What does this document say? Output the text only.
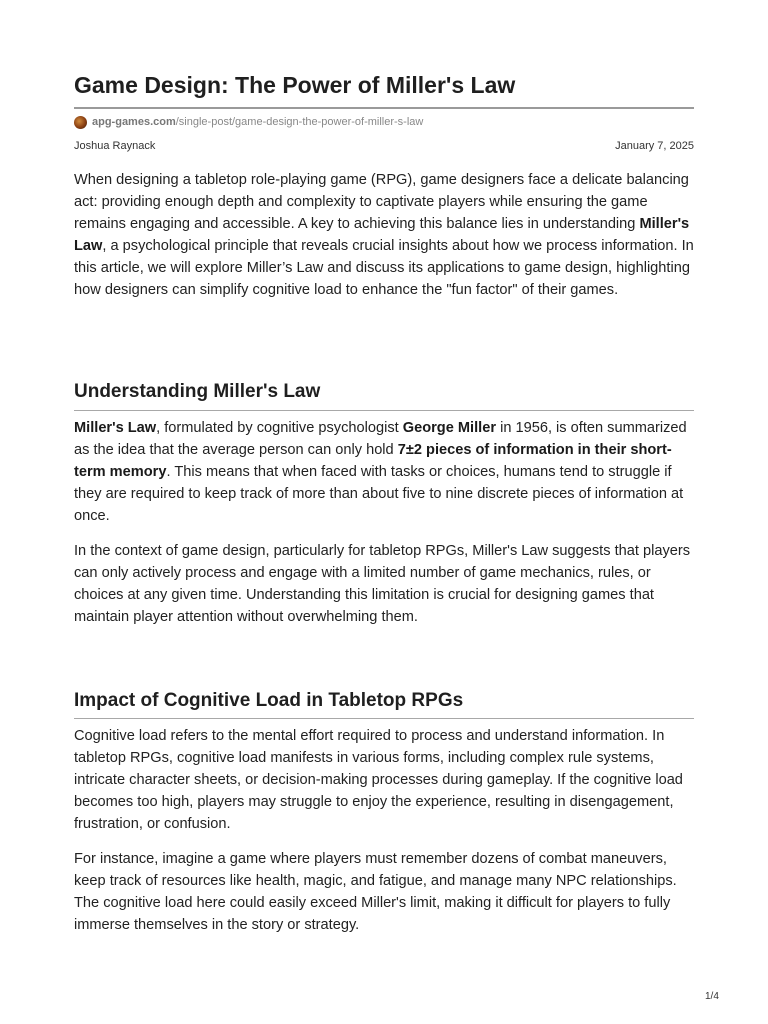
Game Design: The Power of Miller's Law
apg-games.com /single-post/game-design-the-power-of-miller-s-law
Joshua Raynack	January 7, 2025

When designing a tabletop role-playing game (RPG), game designers face a delicate balancing act: providing enough depth and complexity to captivate players while ensuring the game remains engaging and accessible. A key to achieving this balance lies in understanding Miller's Law, a psychological principle that reveals crucial insights about how we process information. In this article, we will explore Miller’s Law and discuss its applications to game design, highlighting how designers can simplify cognitive load to enhance the "fun factor" of their games.

Understanding Miller's Law

Miller's Law, formulated by cognitive psychologist George Miller in 1956, is often summarized as the idea that the average person can only hold 7±2 pieces of information in their short-term memory. This means that when faced with tasks or choices, humans tend to struggle if they are required to keep track of more than about five to nine discrete pieces of information at once.

In the context of game design, particularly for tabletop RPGs, Miller's Law suggests that players can only actively process and engage with a limited number of game mechanics, rules, or choices at any given time. Understanding this limitation is crucial for designing games that maintain player attention without overwhelming them.

Impact of Cognitive Load in Tabletop RPGs

Cognitive load refers to the mental effort required to process and understand information. In tabletop RPGs, cognitive load manifests in various forms, including complex rule systems, intricate character sheets, or decision-making processes during gameplay. If the cognitive load becomes too high, players may struggle to enjoy the experience, resulting in disengagement, frustration, or confusion.

For instance, imagine a game where players must remember dozens of combat maneuvers, keep track of resources like health, magic, and fatigue, and manage many NPC relationships. The cognitive load here could easily exceed Miller's limit, making it difficult for players to fully immerse themselves in the story or strategy.

1/4
